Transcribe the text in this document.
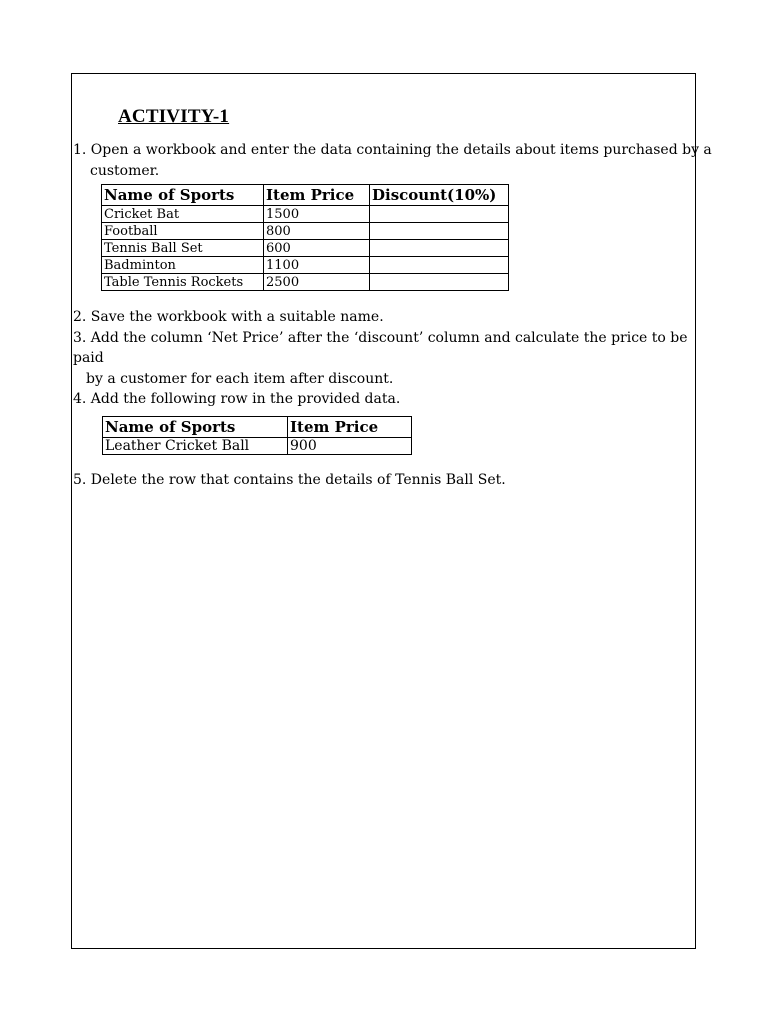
ACTIVITY-1
1. Open a workbook and enter the data containing the details about items purchased by a
customer.
Name of Sports	Item Price	Discount(10%)
Cricket Bat	1500	
Football	800	
Tennis Ball Set	600	
Badminton	1100	
Table Tennis Rockets	2500	
2. Save the workbook with a suitable name.
3. Add the column ‘Net Price’ after the ‘discount’ column and calculate the price to be
paid
by a customer for each item after discount.
4. Add the following row in the provided data.
Name of Sports	Item Price
Leather Cricket Ball	900
5. Delete the row that contains the details of Tennis Ball Set.
